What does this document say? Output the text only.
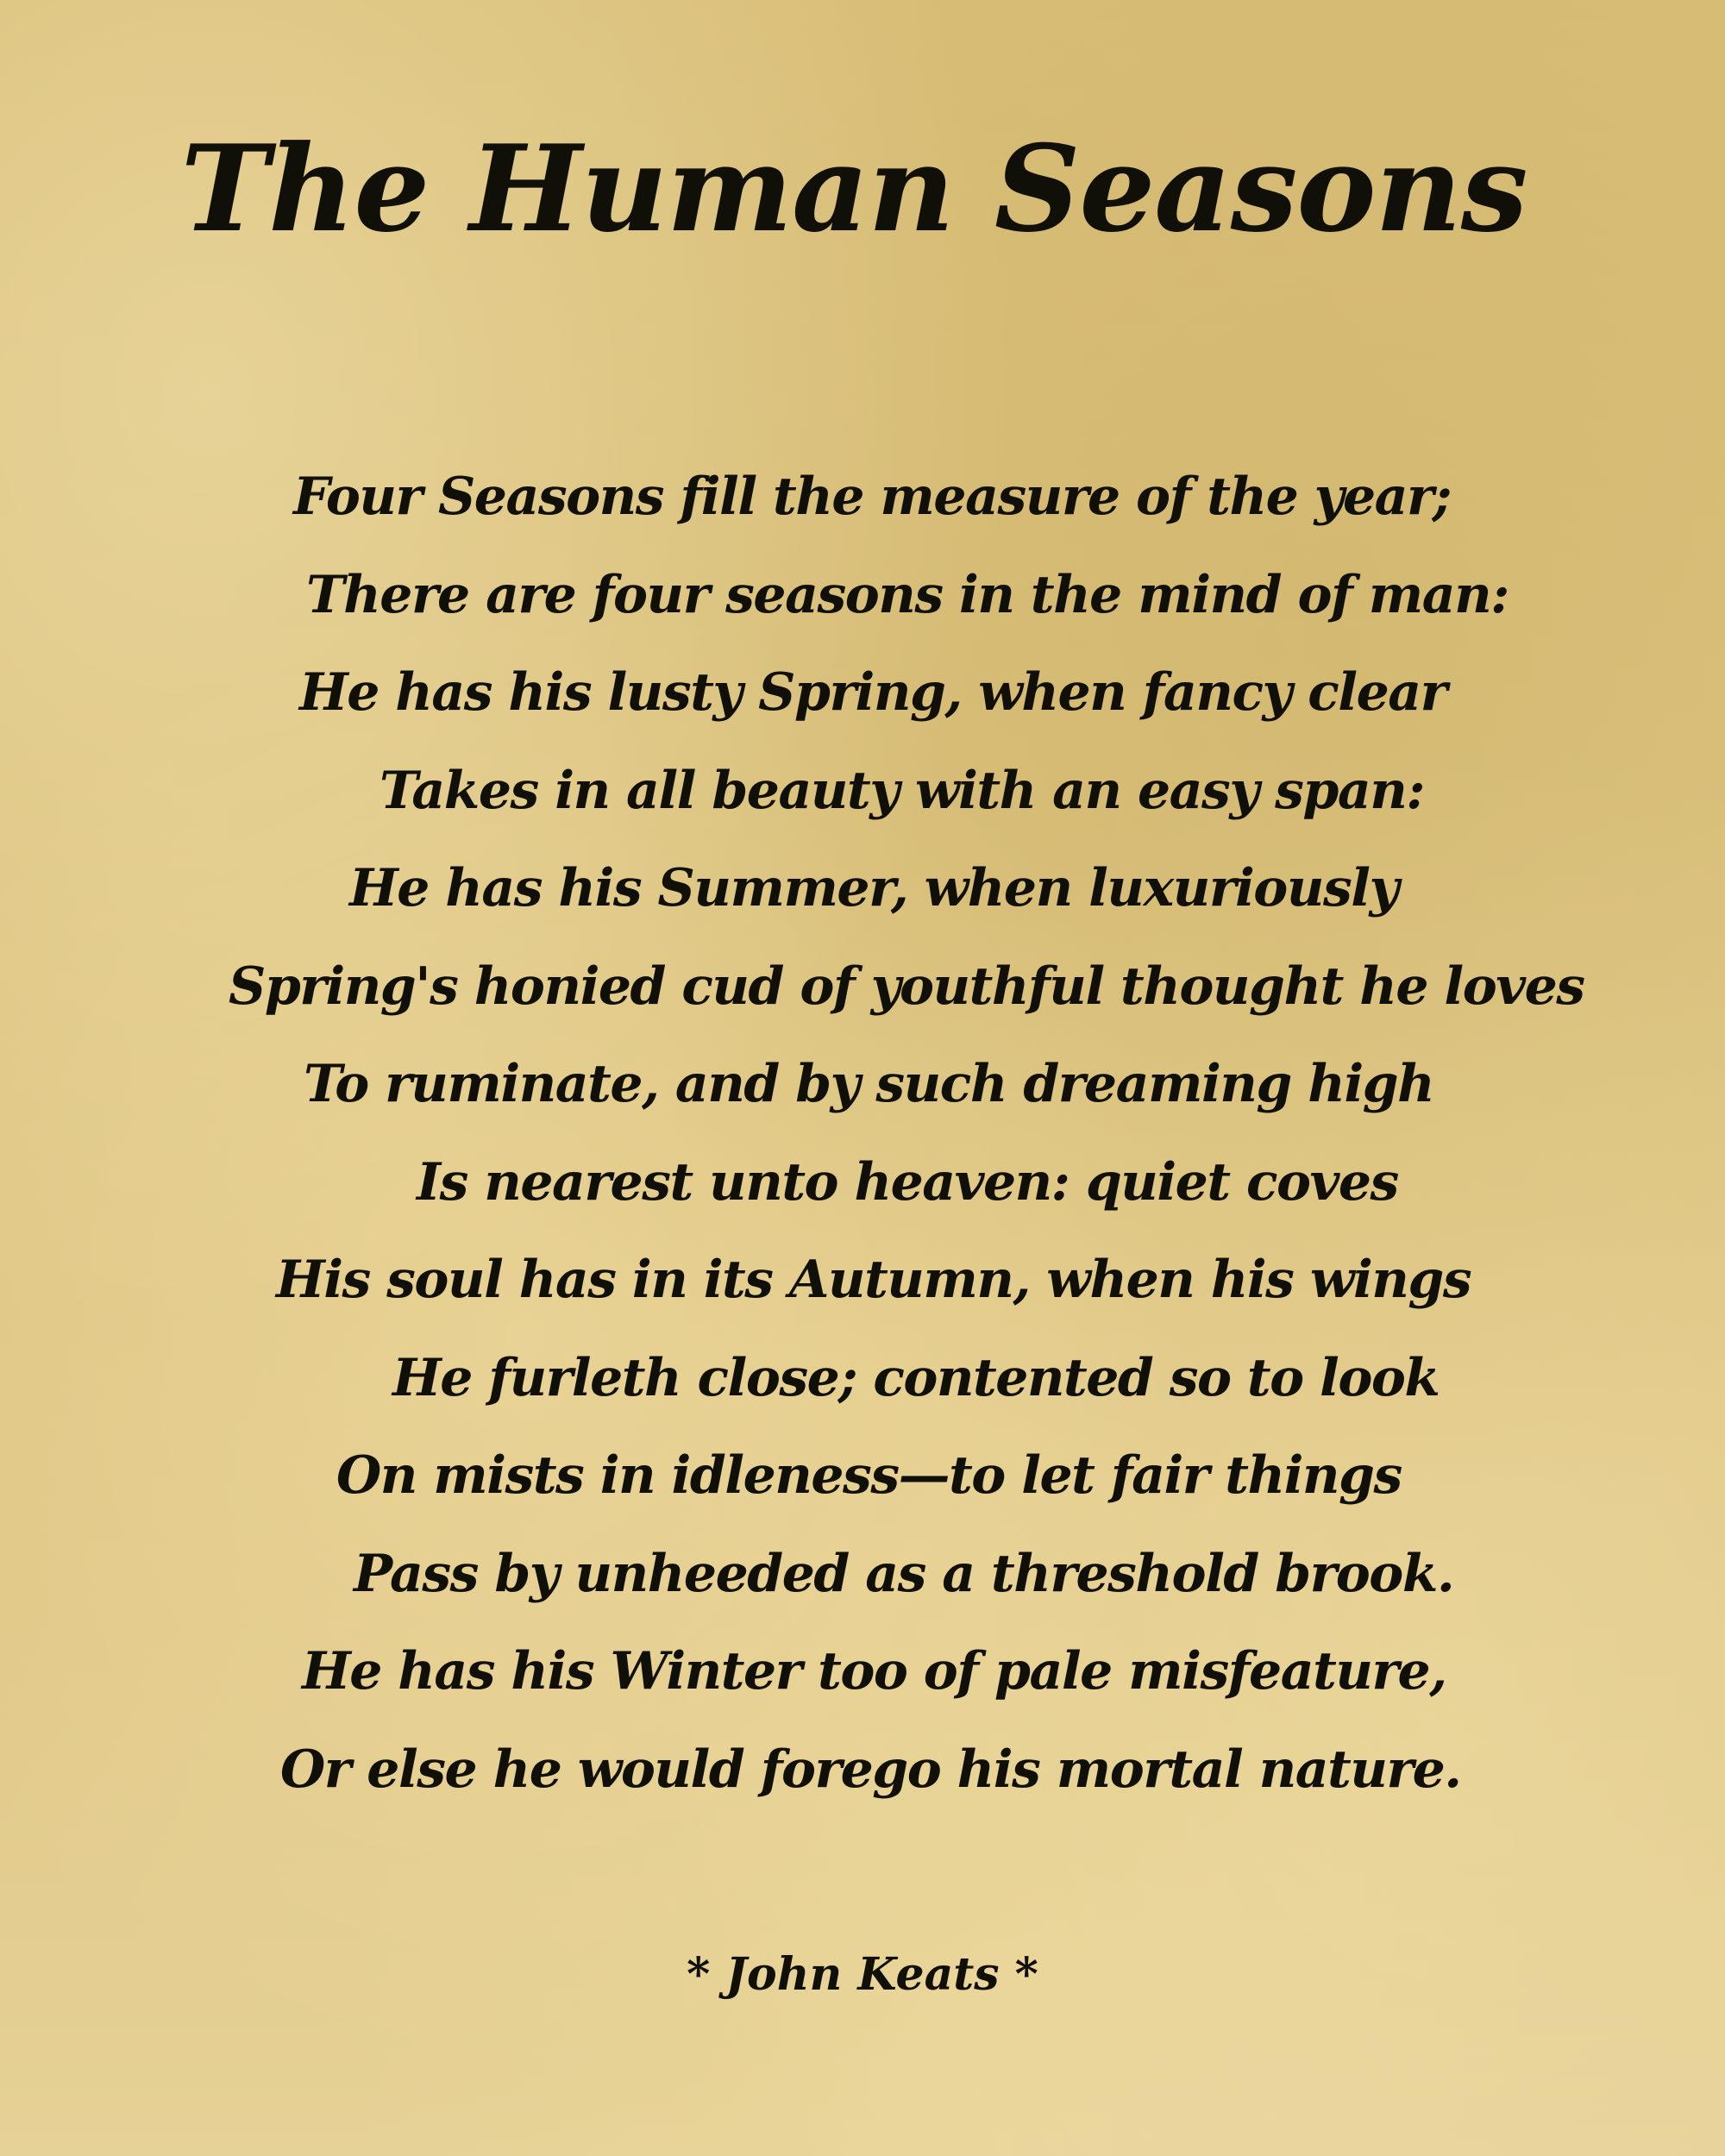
The Human Seasons
Four Seasons fill the measure of the year;
There are four seasons in the mind of man:
He has his lusty Spring, when fancy clear
Takes in all beauty with an easy span:
He has his Summer, when luxuriously
Spring's honied cud of youthful thought he loves
To ruminate, and by such dreaming high
Is nearest unto heaven: quiet coves
His soul has in its Autumn, when his wings
He furleth close; contented so to look
On mists in idleness—to let fair things
Pass by unheeded as a threshold brook.
He has his Winter too of pale misfeature,
Or else he would forego his mortal nature.
* John Keats *
